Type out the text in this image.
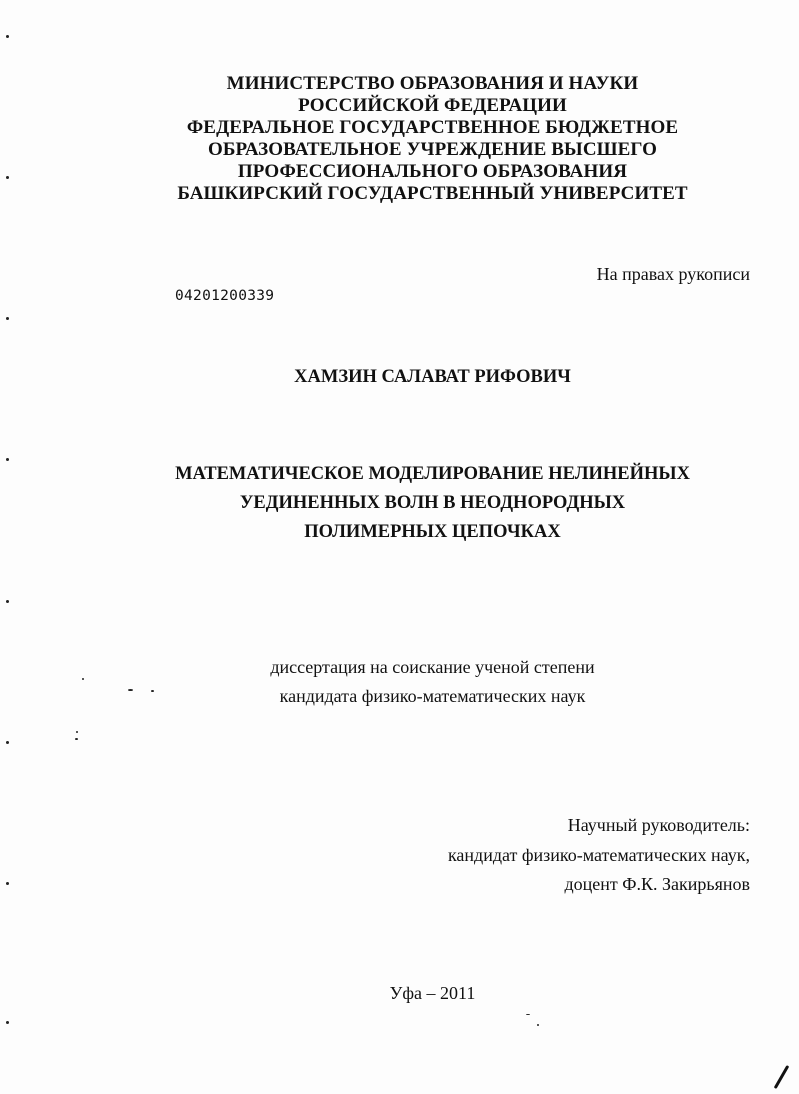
МИНИСТЕРСТВО ОБРАЗОВАНИЯ И НАУКИ
РОССИЙСКОЙ ФЕДЕРАЦИИ
ФЕДЕРАЛЬНОЕ ГОСУДАРСТВЕННОЕ БЮДЖЕТНОЕ
ОБРАЗОВАТЕЛЬНОЕ УЧРЕЖДЕНИЕ ВЫСШЕГО
ПРОФЕССИОНАЛЬНОГО ОБРАЗОВАНИЯ
БАШКИРСКИЙ ГОСУДАРСТВЕННЫЙ УНИВЕРСИТЕТ
На правах рукописи
04201200339
ХАМЗИН САЛАВАТ РИФОВИЧ
МАТЕМАТИЧЕСКОЕ МОДЕЛИРОВАНИЕ НЕЛИНЕЙНЫХ
УЕДИНЕННЫХ ВОЛН В НЕОДНОРОДНЫХ
ПОЛИМЕРНЫХ ЦЕПОЧКАХ
диссертация на соискание ученой степени
кандидата физико-математических наук
Научный руководитель:
кандидат физико-математических наук,
доцент Ф.К. Закирьянов
Уфа – 2011
